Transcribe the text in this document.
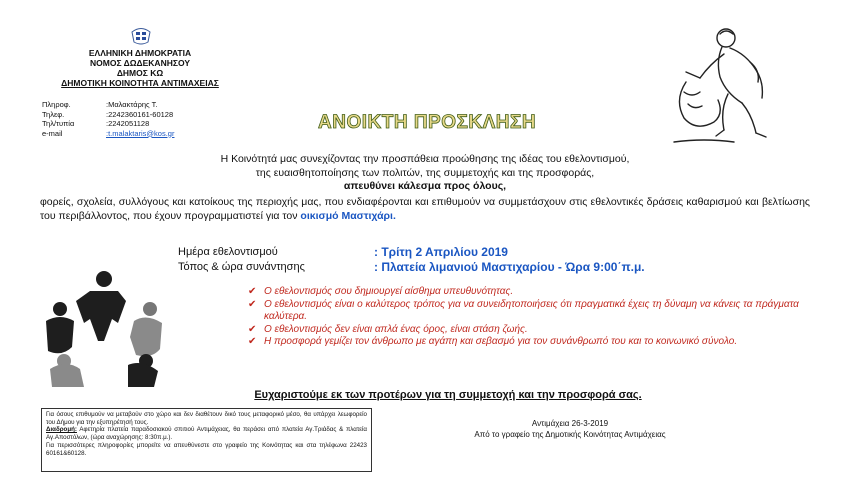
ΕΛΛΗΝΙΚΗ ΔΗΜΟΚΡΑΤΙΑ
ΝΟΜΟΣ ΔΩΔΕΚΑΝΗΣΟΥ
ΔΗΜΟΣ ΚΩ
ΔΗΜΟΤΙΚΗ ΚΟΙΝΟΤΗΤΑ ΑΝΤΙΜΑΧΕΙΑΣ
Πληροφ.	:Μαλακτάρης Τ.
Τηλεφ.	:2242360161-60128
Τηλ/τυπία	:2242051128
e-mail	:t.malaktaris@kos.gr	ΑΝΟΙΚΤΗ ΠΡΟΣΚΛΗΣΗ
Η Κοινότητά μας συνεχίζοντας την προσπάθεια προώθησης της ιδέας του εθελοντισμού,
της ευαισθητοποίησης των πολιτών, της συμμετοχής και της προσφοράς,
απευθύνει κάλεσμα προς όλους,
φορείς, σχολεία, συλλόγους και κατοίκους της περιοχής μας, που ενδιαφέρονται και επιθυμούν να συμμετάσχουν στις εθελοντικές δράσεις καθαρισμού και βελτίωσης του περιβάλλοντος, που έχουν προγραμματιστεί για τον οικισμό Μαστιχάρι.
Ημέρα εθελοντισμού	: Τρίτη 2 Απριλίου 2019
Τόπος & ώρα συνάντησης	: Πλατεία λιμανιού Μαστιχαρίου - Ώρα 9:00΄π.μ.
✔ Ο εθελοντισμός σου δημιουργεί αίσθημα υπευθυνότητας.
✔ Ο εθελοντισμός είναι ο καλύτερος τρόπος για να συνειδητοποιήσεις ότι πραγματικά έχεις τη δύναμη να κάνεις τα πράγματα καλύτερα.
✔ Ο εθελοντισμός δεν είναι απλά ένας όρος, είναι στάση ζωής.
✔ Η προσφορά γεμίζει τον άνθρωπο με αγάπη και σεβασμό για τον συνάνθρωπό του και το κοινωνικό σύνολο.
Ευχαριστούμε εκ των προτέρων για τη συμμετοχή και την προσφορά σας.
Για όσους επιθυμούν να μεταβούν στο χώρο και δεν διαθέτουν δικό τους μεταφορικό μέσο, θα υπάρχει λεωφορείο του Δήμου για την εξυπηρέτησή τους.
Διαδρομή: Αφετηρία πλατεία παραδοσιακού σπιτιού Αντιμάχειας, θα περάσει από πλατεία Αγ.Τριάδας & πλατεία Αγ.Αποστόλων, (ώρα αναχώρησης: 8:30π.μ.).
Για περισσότερες πληροφορίες μπορείτε να απευθύνεστε στο γραφείο της Κοινότητας και στα τηλέφωνα 22423 60161&60128.
Αντιμάχεια 26-3-2019
Από το γραφείο της Δημοτικής Κοινότητας Αντιμάχειας
